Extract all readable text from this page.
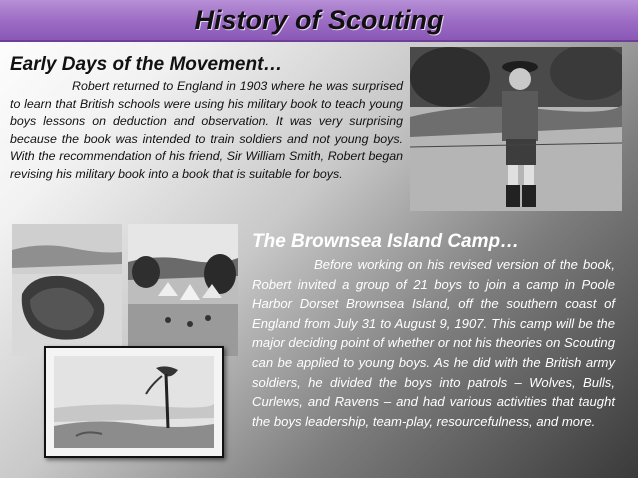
History of Scouting
Early Days of the Movement…

Robert returned to England in 1903 where he was surprised to learn that British schools were using his military book to teach young boys lessons on deduction and observation. It was very surprising because the book was intended to train soldiers and not young boys. With the recommendation of his friend, Sir William Smith, Robert began revising his military book into a book that is suitable for boys.

The Brownsea Island Camp…

Before working on his revised version of the book, Robert invited a group of 21 boys to join a camp in Poole Harbor Dorset Brownsea Island, off the southern coast of England from July 31 to August 9, 1907. This camp will be the major deciding point of whether or not his theories on Scouting can be applied to young boys. As he did with the British army soldiers, he divided the boys into patrols – Wolves, Bulls, Curlews, and Ravens – and had various activities that taught the boys leadership, team-play, resourcefulness, and more.
